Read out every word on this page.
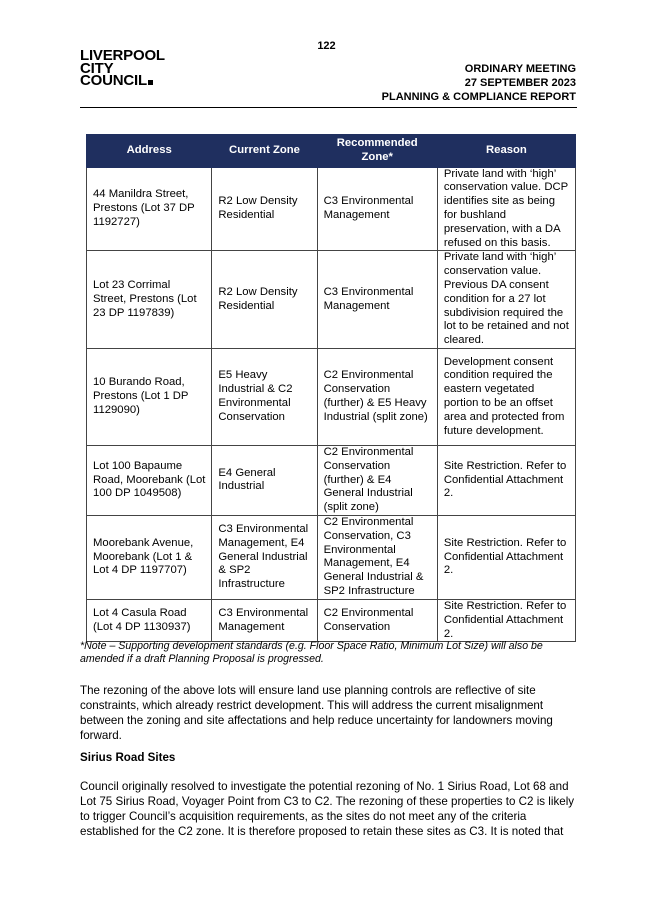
122
LIVERPOOL
CITY
COUNCIL
ORDINARY MEETING
27 SEPTEMBER 2023
PLANNING & COMPLIANCE REPORT
Address	Current Zone	Recommended Zone*	Reason
44 Manildra Street, Prestons (Lot 37 DP 1192727)	R2 Low Density Residential	C3 Environmental Management	Private land with ‘high’ conservation value. DCP identifies site as being for bushland preservation, with a DA refused on this basis.
Lot 23 Corrimal Street, Prestons (Lot 23 DP 1197839)	R2 Low Density Residential	C3 Environmental Management	Private land with ‘high’ conservation value. Previous DA consent condition for a 27 lot subdivision required the lot to be retained and not cleared.
10 Burando Road, Prestons (Lot 1 DP 1129090)	E5 Heavy Industrial & C2 Environmental Conservation	C2 Environmental Conservation (further) & E5 Heavy Industrial (split zone)	Development consent condition required the eastern vegetated portion to be an offset area and protected from future development.
Lot 100 Bapaume Road, Moorebank (Lot 100 DP 1049508)	E4 General Industrial	C2 Environmental Conservation (further) & E4 General Industrial (split zone)	Site Restriction. Refer to Confidential Attachment 2.
Moorebank Avenue, Moorebank (Lot 1 & Lot 4 DP 1197707)	C3 Environmental Management, E4 General Industrial & SP2 Infrastructure	C2 Environmental Conservation, C3 Environmental Management, E4 General Industrial & SP2 Infrastructure	Site Restriction. Refer to Confidential Attachment 2.
Lot 4 Casula Road (Lot 4 DP 1130937)	C3 Environmental Management	C2 Environmental Conservation	Site Restriction. Refer to Confidential Attachment 2.
*Note – Supporting development standards (e.g. Floor Space Ratio, Minimum Lot Size) will also be amended if a draft Planning Proposal is progressed.
The rezoning of the above lots will ensure land use planning controls are reflective of site constraints, which already restrict development. This will address the current misalignment between the zoning and site affectations and help reduce uncertainty for landowners moving forward.
Sirius Road Sites
Council originally resolved to investigate the potential rezoning of No. 1 Sirius Road, Lot 68 and Lot 75 Sirius Road, Voyager Point from C3 to C2. The rezoning of these properties to C2 is likely to trigger Council’s acquisition requirements, as the sites do not meet any of the criteria established for the C2 zone. It is therefore proposed to retain these sites as C3. It is noted that
